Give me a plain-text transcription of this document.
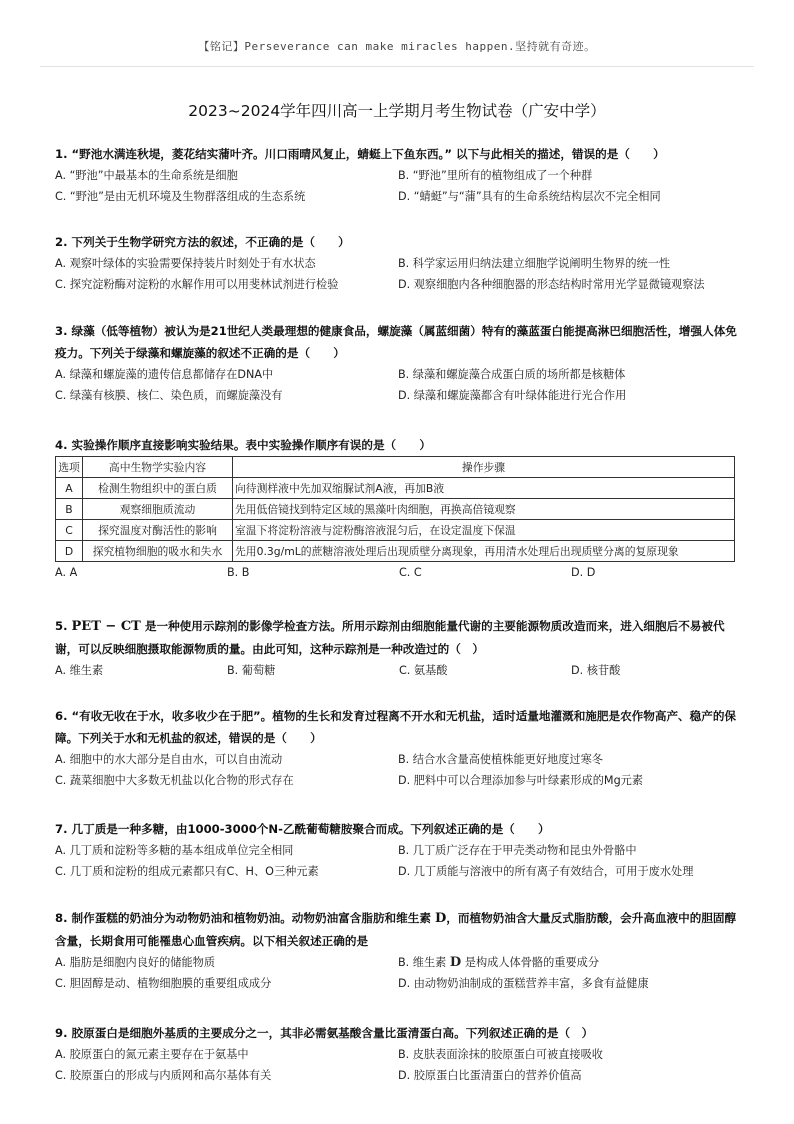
【铭记】Perseverance can make miracles happen.坚持就有奇迹。
2023~2024学年四川高一上学期月考生物试卷（广安中学）
1. “野池水满连秋堤，菱花结实蒲叶齐。川口雨晴风复止，蜻蜓上下鱼东西。” 以下与此相关的描述，错误的是（　　）
A. “野池”中最基本的生命系统是细胞	B. “野池”里所有的植物组成了一个种群
C. “野池”是由无机环境及生物群落组成的生态系统	D. “蜻蜓”与“蒲”具有的生命系统结构层次不完全相同
2. 下列关于生物学研究方法的叙述，不正确的是（　　）
A. 观察叶绿体的实验需要保持装片时刻处于有水状态	B. 科学家运用归纳法建立细胞学说阐明生物界的统一性
C. 探究淀粉酶对淀粉的水解作用可以用斐林试剂进行检验	D. 观察细胞内各种细胞器的形态结构时常用光学显微镜观察法
3. 绿藻（低等植物）被认为是21世纪人类最理想的健康食品，螺旋藻（属蓝细菌）特有的藻蓝蛋白能提高淋巴细胞活性，增强人体免疫力。下列关于绿藻和螺旋藻的叙述不正确的是（　　）
A. 绿藻和螺旋藻的遗传信息都储存在DNA中	B. 绿藻和螺旋藻合成蛋白质的场所都是核糖体
C. 绿藻有核膜、核仁、染色质，而螺旋藻没有	D. 绿藻和螺旋藻都含有叶绿体能进行光合作用
4. 实验操作顺序直接影响实验结果。表中实验操作顺序有误的是（　　）
选项	高中生物学实验内容	操作步骤
A	检测生物组织中的蛋白质	向待测样液中先加双缩脲试剂A液，再加B液
B	观察细胞质流动	先用低倍镜找到特定区域的黑藻叶肉细胞，再换高倍镜观察
C	探究温度对酶活性的影响	室温下将淀粉溶液与淀粉酶溶液混匀后，在设定温度下保温
D	探究植物细胞的吸水和失水	先用0.3g/mL的蔗糖溶液处理后出现质壁分离现象，再用清水处理后出现质壁分离的复原现象
A. A	B. B	C. C	D. D
5. PET − CT 是一种使用示踪剂的影像学检查方法。所用示踪剂由细胞能量代谢的主要能源物质改造而来，进入细胞后不易被代谢，可以反映细胞摄取能源物质的量。由此可知，这种示踪剂是一种改造过的（　）
A. 维生素	B. 葡萄糖	C. 氨基酸	D. 核苷酸
6. “有收无收在于水，收多收少在于肥”。植物的生长和发育过程离不开水和无机盐，适时适量地灌溉和施肥是农作物高产、稳产的保障。下列关于水和无机盐的叙述，错误的是（　　）
A. 细胞中的水大部分是自由水，可以自由流动	B. 结合水含量高使植株能更好地度过寒冬
C. 蔬菜细胞中大多数无机盐以化合物的形式存在	D. 肥料中可以合理添加参与叶绿素形成的Mg元素
7. 几丁质是一种多糖，由1000-3000个N-乙酰葡萄糖胺聚合而成。下列叙述正确的是（　　）
A. 几丁质和淀粉等多糖的基本组成单位完全相同	B. 几丁质广泛存在于甲壳类动物和昆虫外骨骼中
C. 几丁质和淀粉的组成元素都只有C、H、O三种元素	D. 几丁质能与溶液中的所有离子有效结合，可用于废水处理
8. 制作蛋糕的奶油分为动物奶油和植物奶油。动物奶油富含脂肪和维生素 D，而植物奶油含大量反式脂肪酸，会升高血液中的胆固醇含量，长期食用可能罹患心血管疾病。以下相关叙述正确的是
A. 脂肪是细胞内良好的储能物质	B. 维生素 D 是构成人体骨骼的重要成分
C. 胆固醇是动、植物细胞膜的重要组成成分	D. 由动物奶油制成的蛋糕营养丰富，多食有益健康
9. 胶原蛋白是细胞外基质的主要成分之一，其非必需氨基酸含量比蛋清蛋白高。下列叙述正确的是（　）
A. 胶原蛋白的氮元素主要存在于氨基中	B. 皮肤表面涂抹的胶原蛋白可被直接吸收
C. 胶原蛋白的形成与内质网和高尔基体有关	D. 胶原蛋白比蛋清蛋白的营养价值高
